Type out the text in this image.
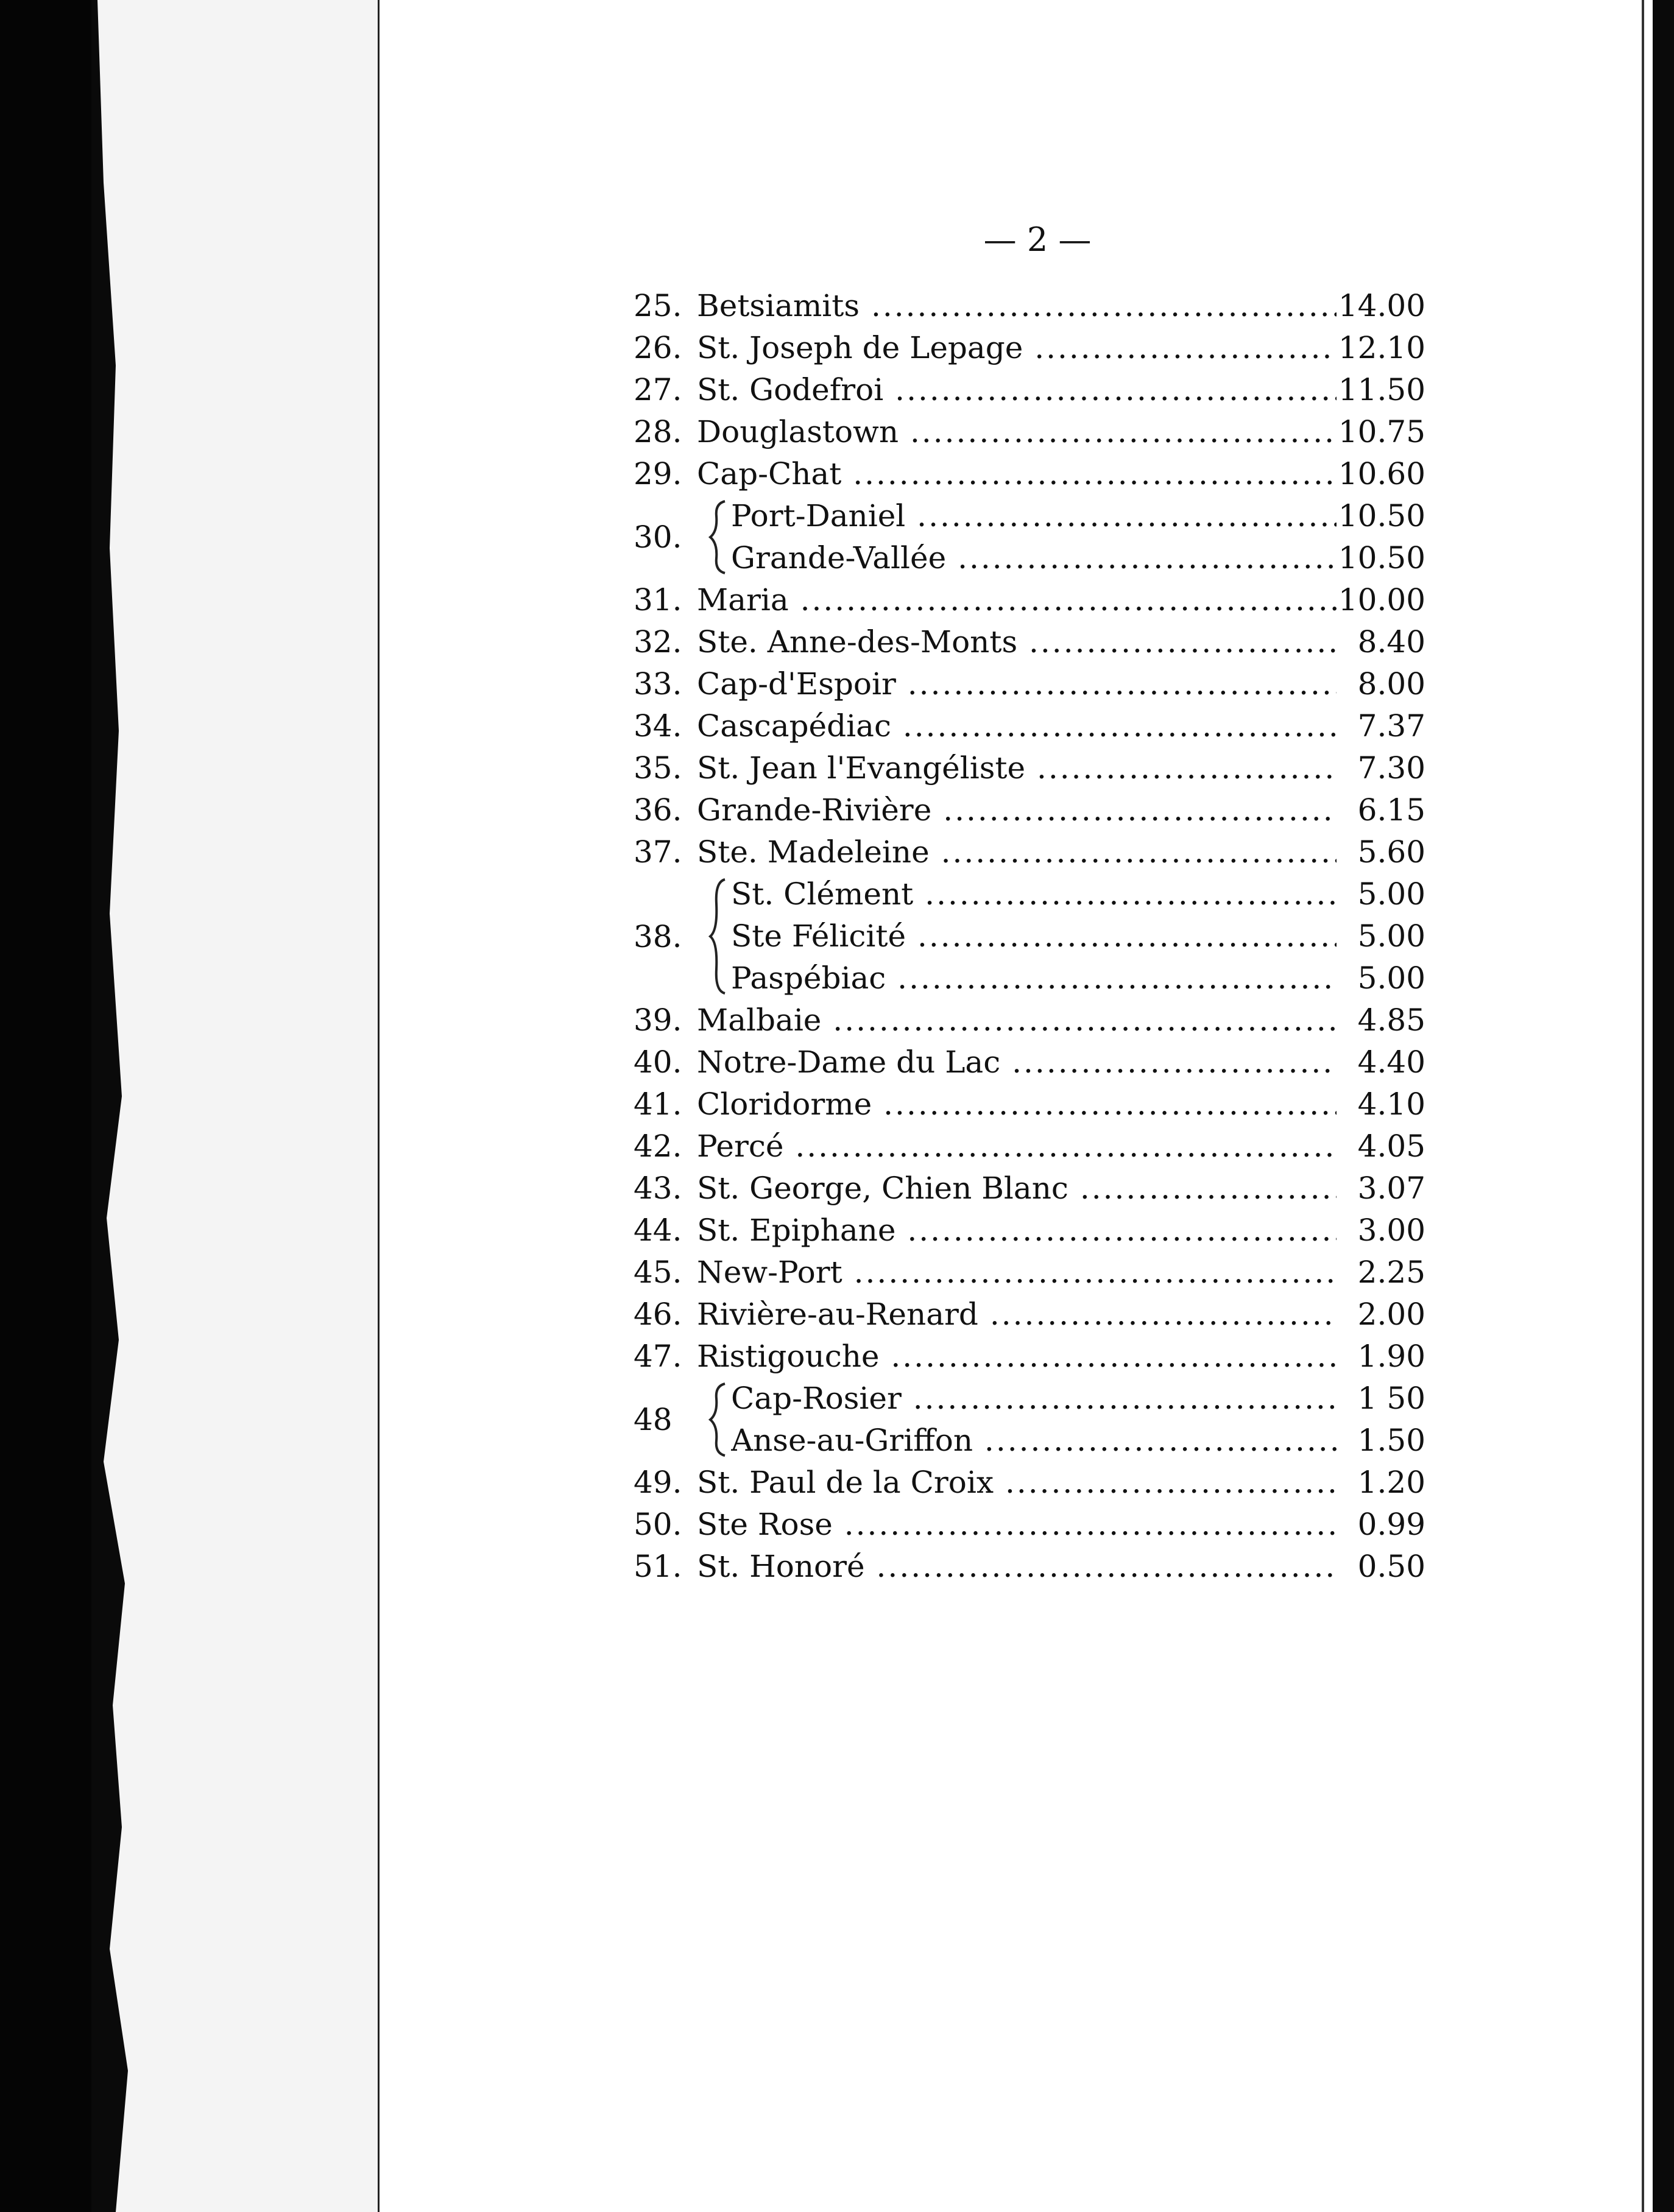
— 2 —
25. Betsiamits .....	14.00
26. St. Joseph de Lepage .....	12.10
27. St. Godefroi .....	11.50
28. Douglastown .....	10.75
29. Cap-Chat .....	10.60
30.
Port-Daniel .....	10.50
Grande-Vallée .....	10.50
31. Maria .....	10.00
32. Ste. Anne-des-Monts .....	8.40
33. Cap-d'Espoir .....	8.00
34. Cascapédiac .....	7.37
35. St. Jean l'Evangéliste .....	7.30
36. Grande-Rivière .....	6.15
37. Ste. Madeleine .....	5.60
38.
St. Clément .....	5.00
Ste Félicité .....	5.00
Paspébiac .....	5.00
39. Malbaie .....	4.85
40. Notre-Dame du Lac .....	4.40
41. Cloridorme .....	4.10
42. Percé .....	4.05
43. St. George, Chien Blanc .....	3.07
44. St. Epiphane .....	3.00
45. New-Port .....	2.25
46. Rivière-au-Renard .....	2.00
47. Ristigouche .....	1.90
48
Cap-Rosier .....	1 50
Anse-au-Griffon .....	1.50
49. St. Paul de la Croix .....	1.20
50. Ste Rose .....	0.99
51. St. Honoré .....	0.50
